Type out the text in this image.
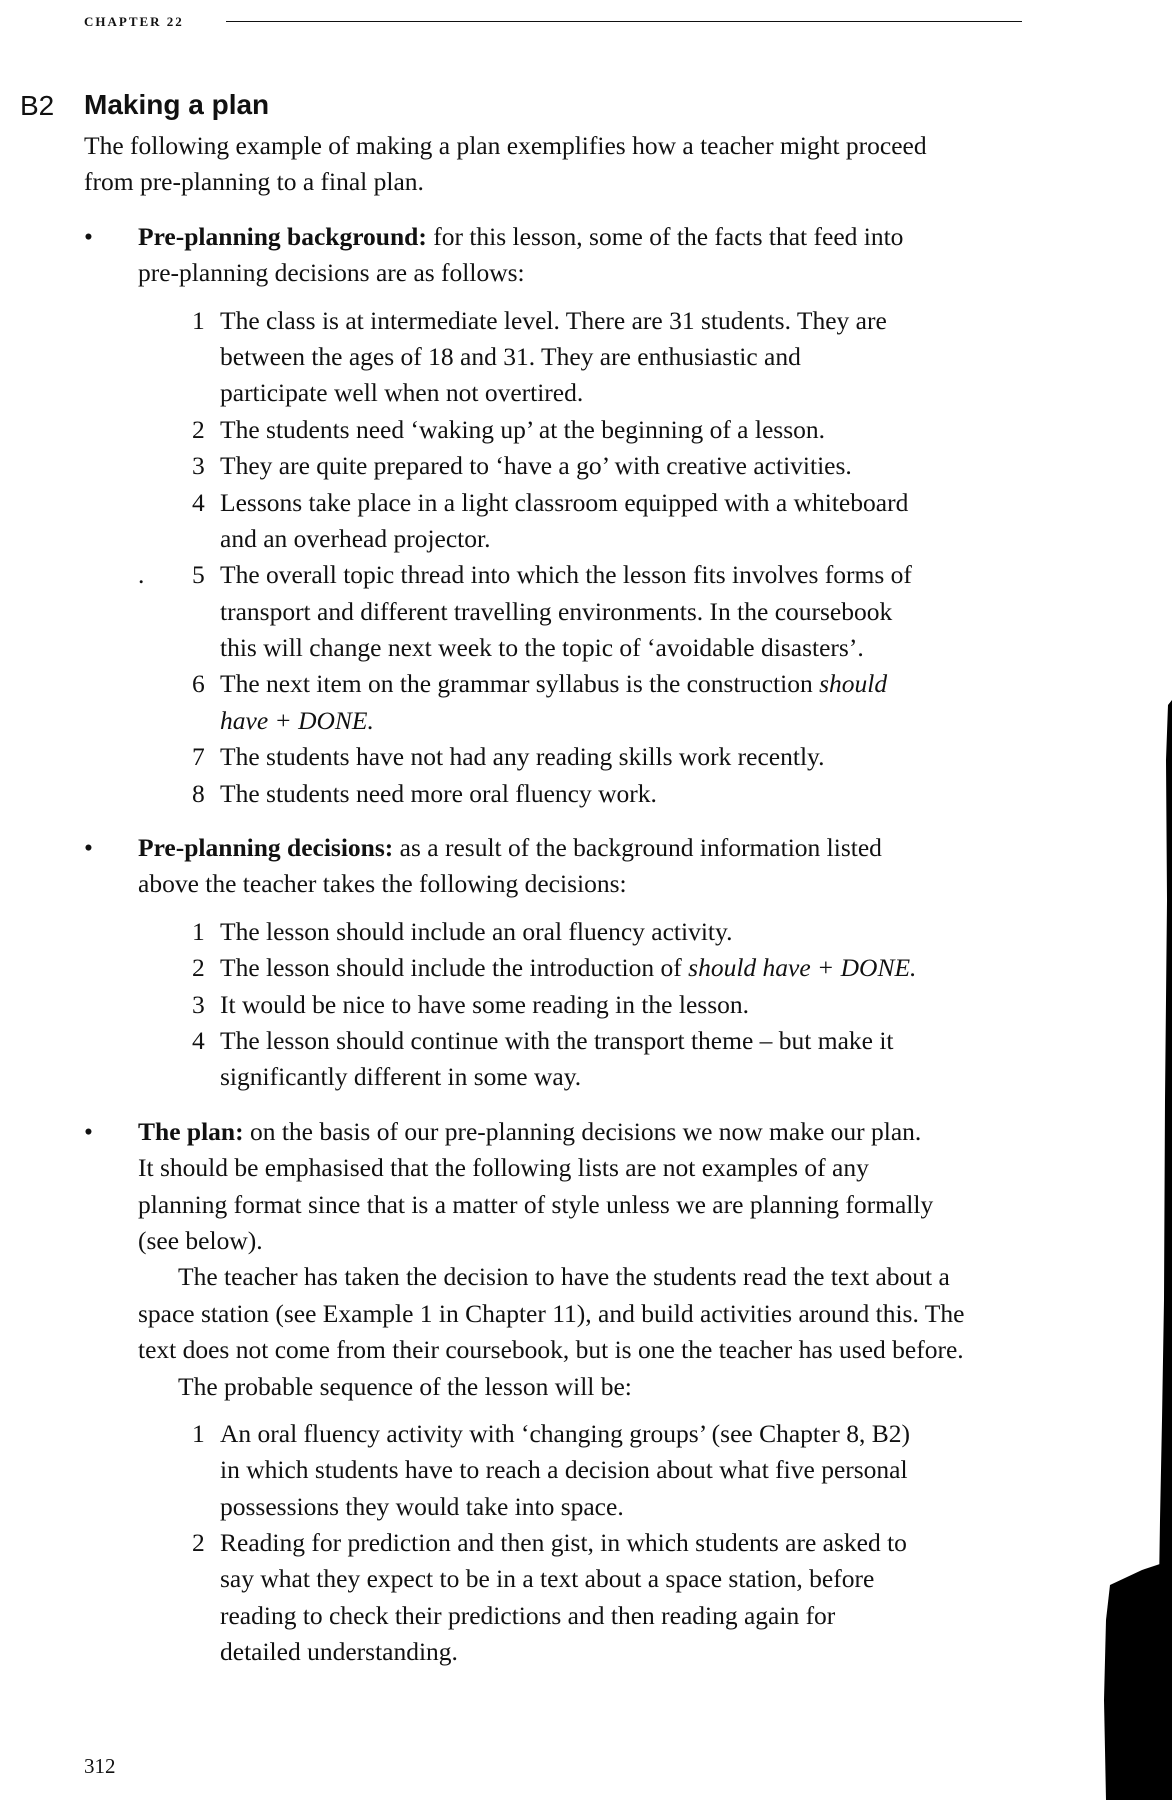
CHAPTER 22
B2 Making a plan
The following example of making a plan exemplifies how a teacher might proceed
from pre-planning to a final plan.
• Pre-planning background: for this lesson, some of the facts that feed into
pre-planning decisions are as follows:
1 The class is at intermediate level. There are 31 students. They are
between the ages of 18 and 31. They are enthusiastic and
participate well when not overtired.
2 The students need ‘waking up’ at the beginning of a lesson.
3 They are quite prepared to ‘have a go’ with creative activities.
4 Lessons take place in a light classroom equipped with a whiteboard
and an overhead projector.
5
.	The overall topic thread into which the lesson fits involves forms of
transport and different travelling environments. In the coursebook
this will change next week to the topic of ‘avoidable disasters’.
6 The next item on the grammar syllabus is the construction should
have + DONE.
7 The students have not had any reading skills work recently.
8 The students need more oral fluency work.
• Pre-planning decisions: as a result of the background information listed
above the teacher takes the following decisions:
1 The lesson should include an oral fluency activity.
2 The lesson should include the introduction of should have + DONE.
3 It would be nice to have some reading in the lesson.
4 The lesson should continue with the transport theme – but make it
significantly different in some way.
• The plan: on the basis of our pre-planning decisions we now make our plan.
It should be emphasised that the following lists are not examples of any
planning format since that is a matter of style unless we are planning formally
(see below).
The teacher has taken the decision to have the students read the text about a
space station (see Example 1 in Chapter 11), and build activities around this. The
text does not come from their coursebook, but is one the teacher has used before.
The probable sequence of the lesson will be:
1 An oral fluency activity with ‘changing groups’ (see Chapter 8, B2)
in which students have to reach a decision about what five personal
possessions they would take into space.
2 Reading for prediction and then gist, in which students are asked to
say what they expect to be in a text about a space station, before
reading to check their predictions and then reading again for
detailed understanding.
312
